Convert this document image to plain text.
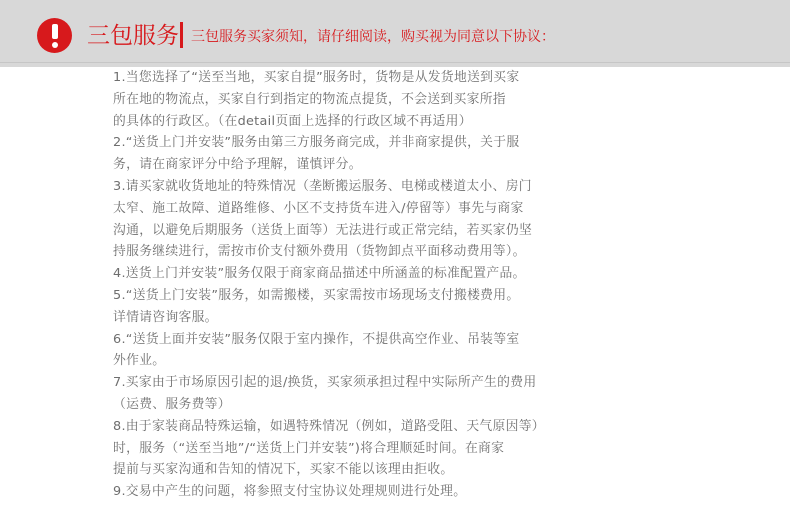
三包服务 三包服务买家须知，请仔细阅读，购买视为同意以下协议：
1.当您选择了“送至当地，买家自提”服务时，货物是从发货地送到买家
所在地的物流点，买家自行到指定的物流点提货，不会送到买家所指
的具体的行政区。（在detail页面上选择的行政区域不再适用）
2.“送货上门并安装”服务由第三方服务商完成，并非商家提供，关于服
务，请在商家评分中给予理解，谨慎评分。
3.请买家就收货地址的特殊情况（垄断搬运服务、电梯或楼道太小、房门
太窄、施工故障、道路维修、小区不支持货车进入/停留等）事先与商家
沟通，以避免后期服务（送货上面等）无法进行或正常完结，若买家仍坚
持服务继续进行，需按市价支付额外费用（货物卸点平面移动费用等）。
4.送货上门并安装”服务仅限于商家商品描述中所涵盖的标准配置产品。
5.“送货上门安装”服务，如需搬楼，买家需按市场现场支付搬楼费用。
详情请咨询客服。
6.“送货上面并安装”服务仅限于室内操作，不提供高空作业、吊装等室
外作业。
7.买家由于市场原因引起的退/换货，买家须承担过程中实际所产生的费用
（运费、服务费等）
8.由于家装商品特殊运输，如遇特殊情况（例如，道路受阻、天气原因等）
时，服务（“送至当地”/“送货上门并安装”)将合理顺延时间。在商家
提前与买家沟通和告知的情况下，买家不能以该理由拒收。
9.交易中产生的问题，将参照支付宝协议处理规则进行处理。
